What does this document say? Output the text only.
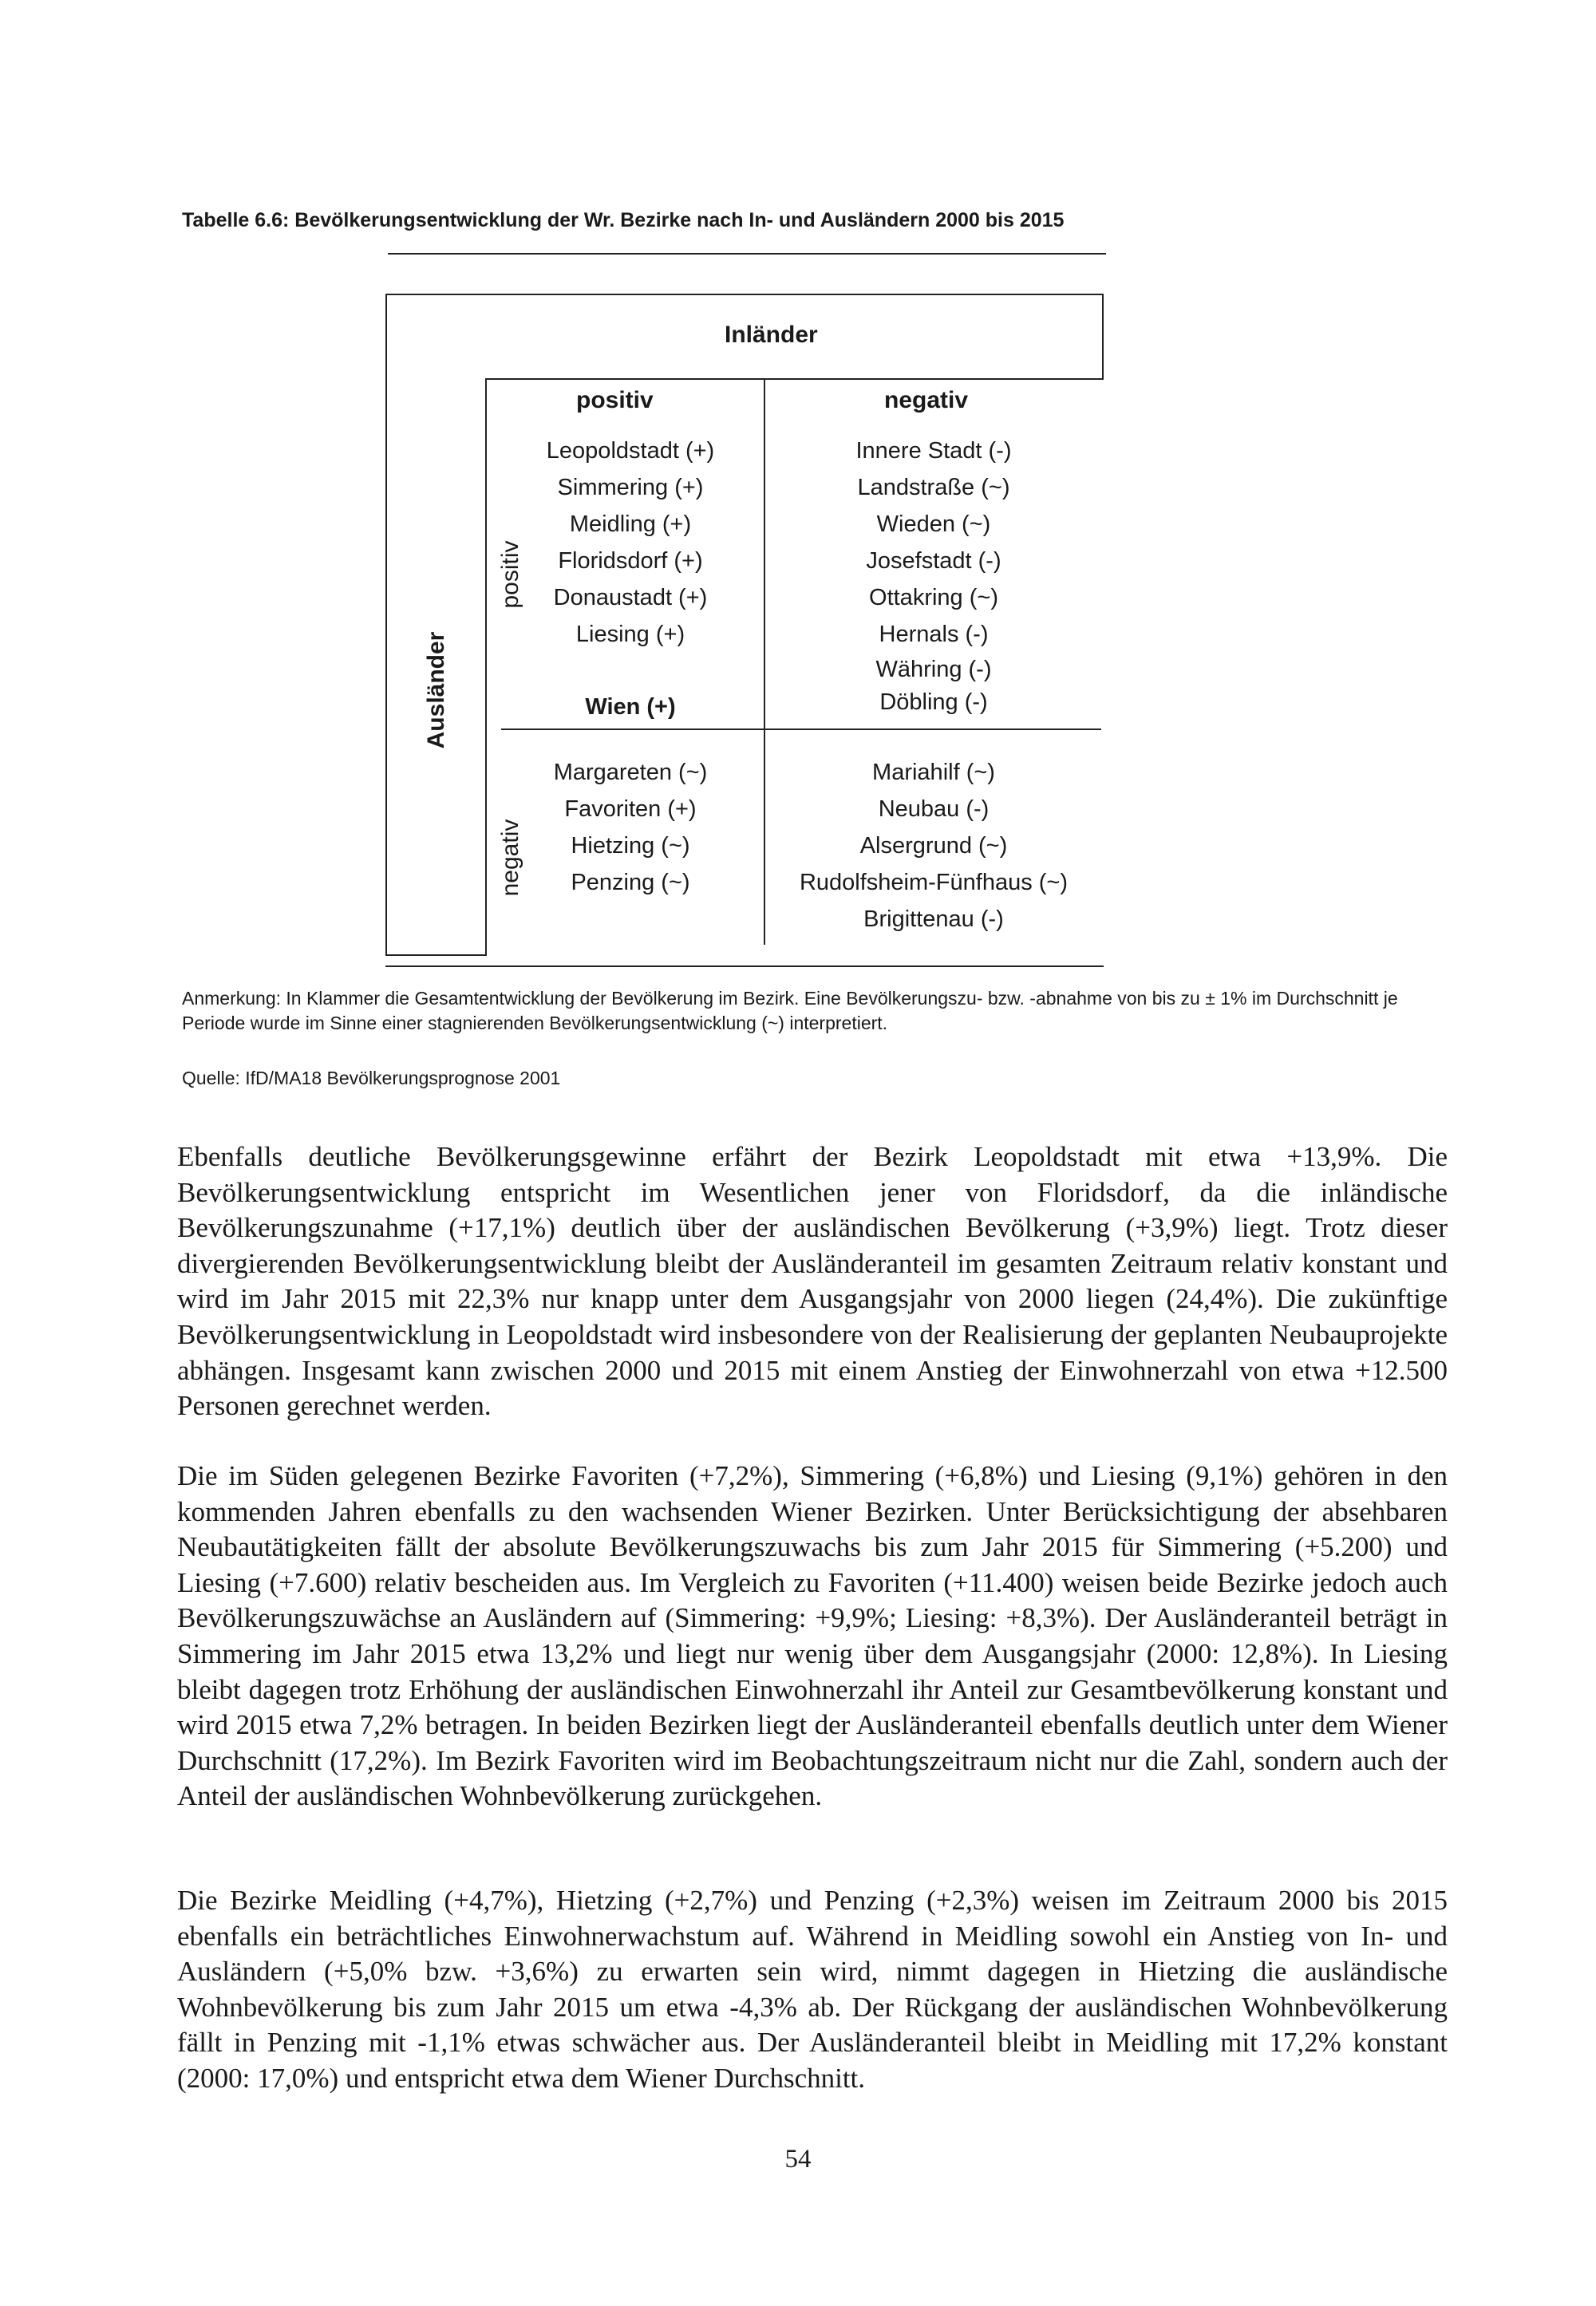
Tabelle 6.6: Bevölkerungsentwicklung der Wr. Bezirke nach In- und Ausländern 2000 bis 2015
Inländer
positiv	negativ
Ausländer
positiv
negativ
Leopoldstadt (+)
Simmering (+)
Meidling (+)
Floridsdorf (+)
Donaustadt (+)
Liesing (+)
Wien (+)
Innere Stadt (-)
Landstraße (~)
Wieden (~)
Josefstadt (-)
Ottakring (~)
Hernals (-)
Währing (-)
Döbling (-)
Margareten (~)
Favoriten (+)
Hietzing (~)
Penzing (~)
Mariahilf (~)
Neubau (-)
Alsergrund (~)
Rudolfsheim-Fünfhaus (~)
Brigittenau (-)
Anmerkung: In Klammer die Gesamtentwicklung der Bevölkerung im Bezirk. Eine Bevölkerungszu- bzw. -abnahme von bis zu ± 1% im Durchschnitt je Periode wurde im Sinne einer stagnierenden Bevölkerungsentwicklung (~) interpretiert.
Quelle: IfD/MA18 Bevölkerungsprognose 2001
Ebenfalls deutliche Bevölkerungsgewinne erfährt der Bezirk Leopoldstadt mit etwa +13,9%. Die Bevölkerungsentwicklung entspricht im Wesentlichen jener von Floridsdorf, da die inländische Bevölkerungszunahme (+17,1%) deutlich über der ausländischen Bevölkerung (+3,9%) liegt. Trotz dieser divergierenden Bevölkerungsentwicklung bleibt der Ausländeranteil im gesamten Zeitraum relativ konstant und wird im Jahr 2015 mit 22,3% nur knapp unter dem Ausgangsjahr von 2000 liegen (24,4%). Die zukünftige Bevölkerungsentwicklung in Leopoldstadt wird insbesondere von der Realisierung der geplanten Neubauprojekte abhängen. Insgesamt kann zwischen 2000 und 2015 mit einem Anstieg der Einwohnerzahl von etwa +12.500 Personen gerechnet werden.
Die im Süden gelegenen Bezirke Favoriten (+7,2%), Simmering (+6,8%) und Liesing (9,1%) gehören in den kommenden Jahren ebenfalls zu den wachsenden Wiener Bezirken. Unter Berücksichtigung der absehbaren Neubautätigkeiten fällt der absolute Bevölkerungszuwachs bis zum Jahr 2015 für Simmering (+5.200) und Liesing (+7.600) relativ bescheiden aus. Im Vergleich zu Favoriten (+11.400) weisen beide Bezirke jedoch auch Bevölkerungszuwächse an Ausländern auf (Simmering: +9,9%; Liesing: +8,3%). Der Ausländeranteil beträgt in Simmering im Jahr 2015 etwa 13,2% und liegt nur wenig über dem Ausgangsjahr (2000: 12,8%). In Liesing bleibt dagegen trotz Erhöhung der ausländischen Einwohnerzahl ihr Anteil zur Gesamtbevölkerung konstant und wird 2015 etwa 7,2% betragen. In beiden Bezirken liegt der Ausländeranteil ebenfalls deutlich unter dem Wiener Durchschnitt (17,2%). Im Bezirk Favoriten wird im Beobachtungszeitraum nicht nur die Zahl, sondern auch der Anteil der ausländischen Wohnbevölkerung zurückgehen.
Die Bezirke Meidling (+4,7%), Hietzing (+2,7%) und Penzing (+2,3%) weisen im Zeitraum 2000 bis 2015 ebenfalls ein beträchtliches Einwohnerwachstum auf. Während in Meidling sowohl ein Anstieg von In- und Ausländern (+5,0% bzw. +3,6%) zu erwarten sein wird, nimmt dagegen in Hietzing die ausländische Wohnbevölkerung bis zum Jahr 2015 um etwa -4,3% ab. Der Rückgang der ausländischen Wohnbevölkerung fällt in Penzing mit -1,1% etwas schwächer aus. Der Ausländeranteil bleibt in Meidling mit 17,2% konstant (2000: 17,0%) und entspricht etwa dem Wiener Durchschnitt.
54
